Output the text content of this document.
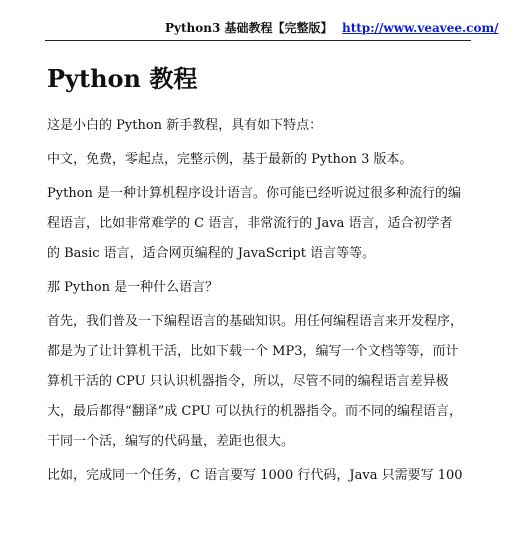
Python3 基础教程【完整版】 http://www.veavee.com/
Python 教程

这是小白的 Python 新手教程，具有如下特点：

中文，免费，零起点，完整示例，基于最新的 Python 3 版本。

Python 是一种计算机程序设计语言。你可能已经听说过很多种流行的编
程语言，比如非常难学的 C 语言，非常流行的 Java 语言，适合初学者
的 Basic 语言，适合网页编程的 JavaScript 语言等等。

那 Python 是一种什么语言？

首先，我们普及一下编程语言的基础知识。用任何编程语言来开发程序，
都是为了让计算机干活，比如下载一个 MP3，编写一个文档等等，而计
算机干活的 CPU 只认识机器指令，所以，尽管不同的编程语言差异极
大，最后都得“翻译”成 CPU 可以执行的机器指令。而不同的编程语言，
干同一个活，编写的代码量，差距也很大。

比如，完成同一个任务，C 语言要写 1000 行代码，Java 只需要写 100
